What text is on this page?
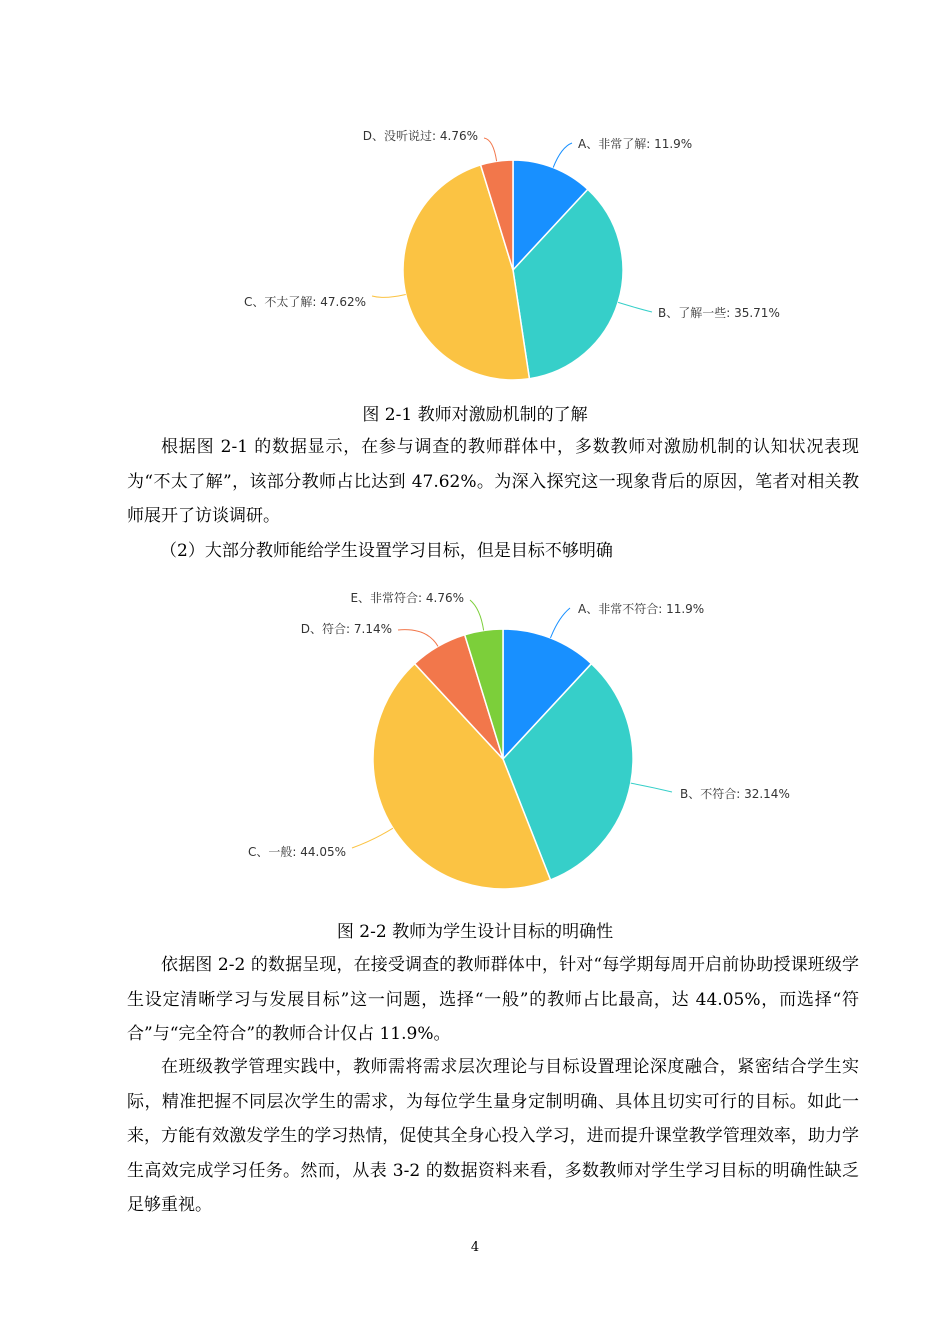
A、非常了解: 11.9%
B、了解一些: 35.71%
C、不太了解: 47.62%
D、没听说过: 4.76%
图 2-1 教师对激励机制的了解

根据图 2-1 的数据显示，在参与调查的教师群体中，多数教师对激励机制的认知状况表现为“不太了解”，该部分教师占比达到 47.62%。为深入探究这一现象背后的原因，笔者对相关教师展开了访谈调研。

（2）大部分教师能给学生设置学习目标，但是目标不够明确
A、非常不符合: 11.9%
B、不符合: 32.14%
C、一般: 44.05%
D、符合: 7.14%
E、非常符合: 4.76%
图 2-2 教师为学生设计目标的明确性

依据图 2-2 的数据呈现，在接受调查的教师群体中，针对“每学期每周开启前协助授课班级学生设定清晰学习与发展目标”这一问题，选择“一般”的教师占比最高，达 44.05%，而选择“符合”与“完全符合”的教师合计仅占 11.9%。

在班级教学管理实践中，教师需将需求层次理论与目标设置理论深度融合，紧密结合学生实际，精准把握不同层次学生的需求，为每位学生量身定制明确、具体且切实可行的目标。如此一来，方能有效激发学生的学习热情，促使其全身心投入学习，进而提升课堂教学管理效率，助力学生高效完成学习任务。然而，从表 3-2 的数据资料来看，多数教师对学生学习目标的明确性缺乏足够重视。

4
